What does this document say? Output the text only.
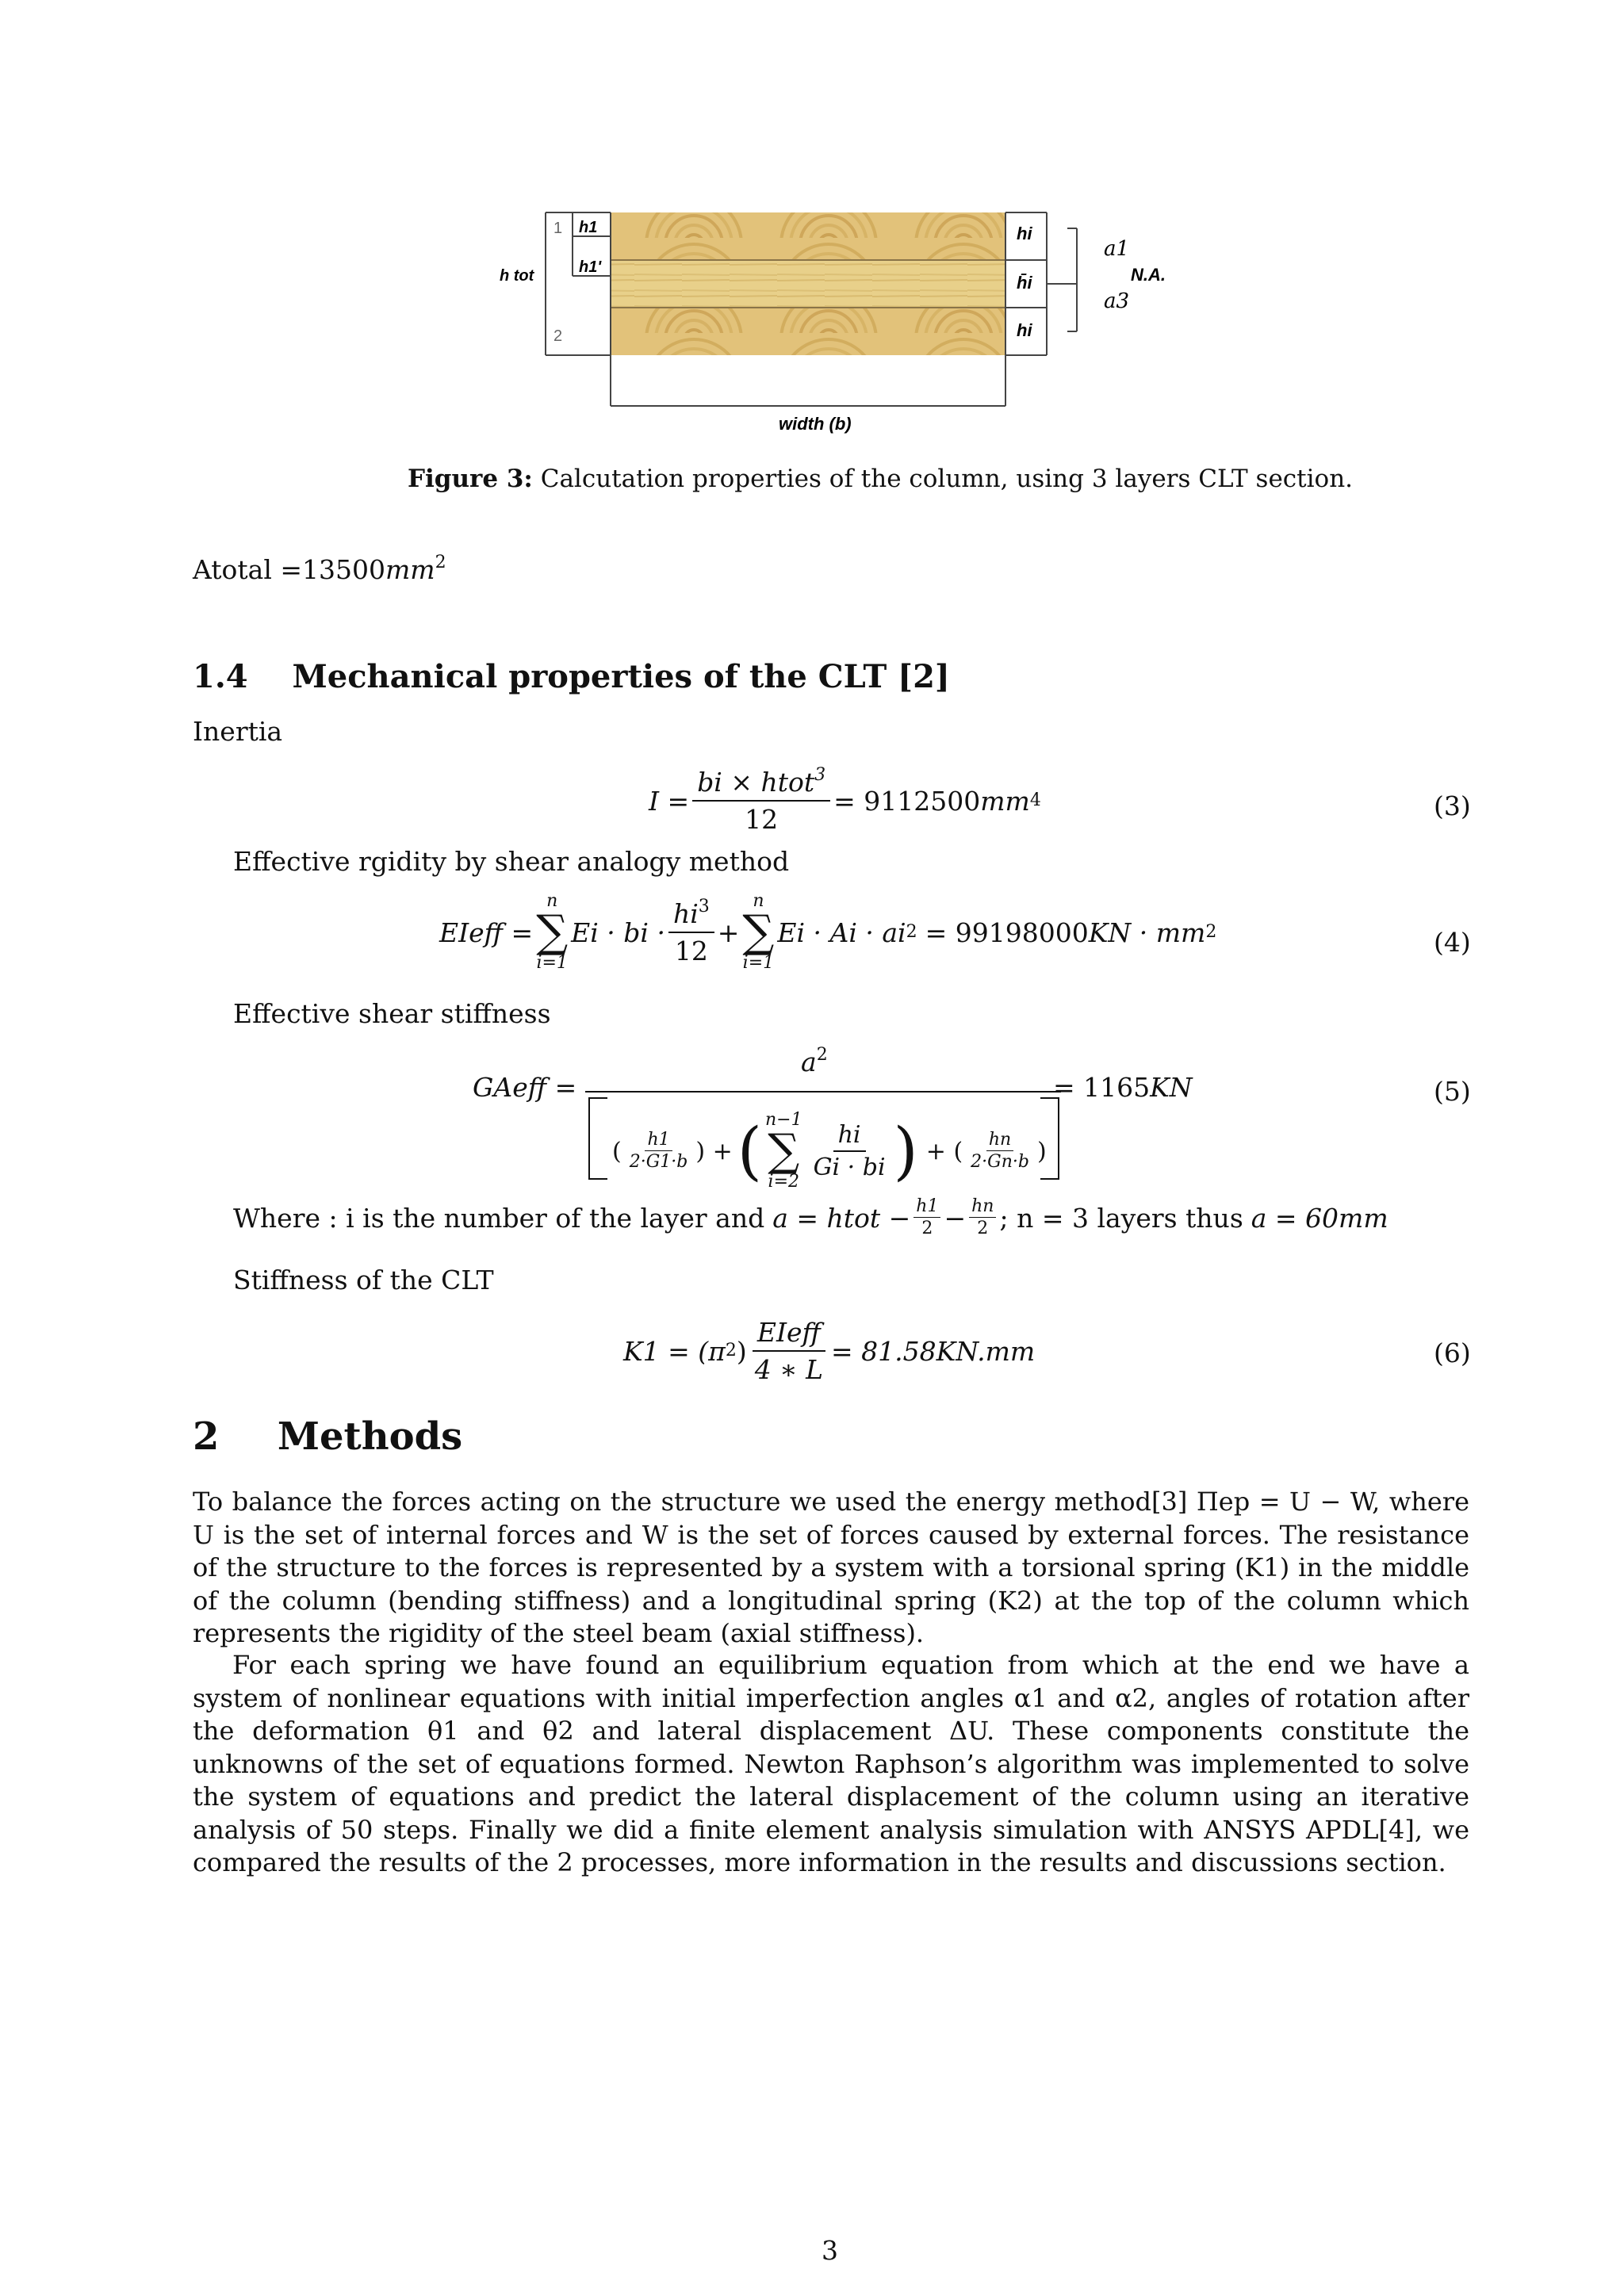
h tot
1
2
h1
h1'
hi
h̄i
hi
a1
N.A.
a3
width (b)
Figure 3: Calcutation properties of the column, using 3 layers CLT section.
Atotal $=13500mm^2$
1.4 Mechanical properties of the CLT [2]
Inertia
$I = \frac{bi \times htot^3}{12} = 9112500$ mm 4	(3)
Effective rgidity by shear analogy method
EIeff =
n
∑
i=1
Ei · bi · $\frac{hi^3}{12}$ +
n
∑
i=1
Ei · Ai · ai 2 = 99198000 KN · mm 2	(4)
Effective shear stiffness
GAeff =
$a^2$
( $\frac{h1}{2\cdot G1\cdot b}$ ) + ( n−1
∑
i=2
$\frac{hi}{Gi \cdot bi}$ ) + ( $\frac{hn}{2\cdot Gn\cdot b}$ )
= 1165KN	(5)
Where : i is the number of the layer and a = htot − $\frac{h1}{2} - \frac{hn}{2}$ ; n = 3 layers thus a = 60mm
Stiffness of the CLT
K1 = (π 2 ) $\frac{\text{EIeff}}{4 ∗ L} = 81.58KN.mm$	(6)
2 Methods
To balance the forces acting on the structure we used the energy method[3] Πep = U − W, where U is the set of internal forces and W is the set of forces caused by external forces. The resistance of the structure to the forces is represented by a system with a torsional spring (K1) in the middle of the column (bending stiffness) and a longitudinal spring (K2) at the top of the column which represents the rigidity of the steel beam (axial stiffness).
For each spring we have found an equilibrium equation from which at the end we have a system of nonlinear equations with initial imperfection angles α1 and α2, angles of rotation after the deformation θ1 and θ2 and lateral displacement ΔU. These components constitute the unknowns of the set of equations formed. Newton Raphson’s algorithm was implemented to solve the system of equations and predict the lateral displacement of the column using an iterative analysis of 50 steps. Finally we did a finite element analysis simulation with ANSYS APDL[4], we compared the results of the 2 processes, more information in the results and discussions section.
3
